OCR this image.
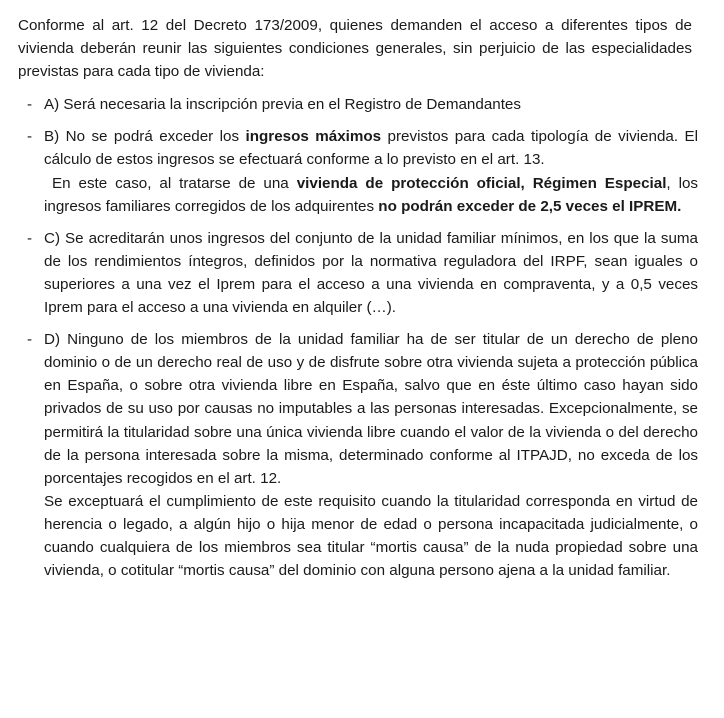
Conforme al art. 12 del Decreto 173/2009, quienes demanden el acceso a diferentes tipos de vivienda deberán reunir las siguientes condiciones generales, sin perjuicio de las especialidades previstas para cada tipo de vivienda:

- A) Será necesaria la inscripción previa en el Registro de Demandantes

- B) No se podrá exceder los ingresos máximos previstos para cada tipología de vivienda. El cálculo de estos ingresos se efectuará conforme a lo previsto en el art. 13.

En este caso, al tratarse de una vivienda de protección oficial, Régimen Especial, los ingresos familiares corregidos de los adquirentes no podrán exceder de 2,5 veces el IPREM.

- C) Se acreditarán unos ingresos del conjunto de la unidad familiar mínimos, en los que la suma de los rendimientos íntegros, definidos por la normativa reguladora del IRPF, sean iguales o superiores a una vez el Iprem para el acceso a una vivienda en compraventa, y a 0,5 veces Iprem para el acceso a una vivienda en alquiler (…).

- D) Ninguno de los miembros de la unidad familiar ha de ser titular de un derecho de pleno dominio o de un derecho real de uso y de disfrute sobre otra vivienda sujeta a protección pública en España, o sobre otra vivienda libre en España, salvo que en éste último caso hayan sido privados de su uso por causas no imputables a las personas interesadas. Excepcionalmente, se permitirá la titularidad sobre una única vivienda libre cuando el valor de la vivienda o del derecho de la persona interesada sobre la misma, determinado conforme al ITPAJD, no exceda de los porcentajes recogidos en el art. 12.

Se exceptuará el cumplimiento de este requisito cuando la titularidad corresponda en virtud de herencia o legado, a algún hijo o hija menor de edad o persona incapacitada judicialmente, o cuando cualquiera de los miembros sea titular “mortis causa” de la nuda propiedad sobre una vivienda, o cotitular “mortis causa” del dominio con alguna persono ajena a la unidad familiar.
